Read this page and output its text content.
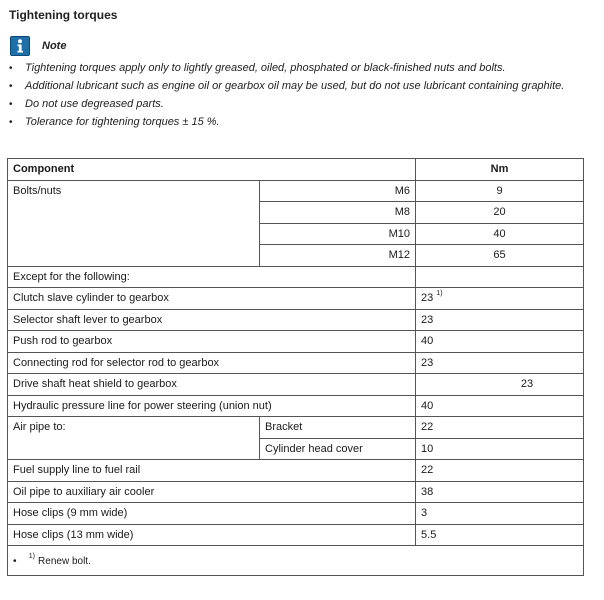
Tightening torques
Note
• Tightening torques apply only to lightly greased, oiled, phosphated or black-finished nuts and bolts.
• Additional lubricant such as engine oil or gearbox oil may be used, but do not use lubricant containing graphite.
• Do not use degreased parts.
• Tolerance for tightening torques ± 15 %.
Component		Nm
Bolts/nuts	M6	9
	M8	20
	M10	40
	M12	65
Except for the following:		
Clutch slave cylinder to gearbox		23 $^{1)}$
Selector shaft lever to gearbox		23
Push rod to gearbox		40
Connecting rod for selector rod to gearbox		23
Drive shaft heat shield to gearbox		23
Hydraulic pressure line for power steering (union nut)		40
Air pipe to:	Bracket	22
	Cylinder head cover	10
Fuel supply line to fuel rail		22
Oil pipe to auxiliary air cooler		38
Hose clips (9 mm wide)		3
Hose clips (13 mm wide)		5.5
• $^{1)}$ Renew bolt.		
